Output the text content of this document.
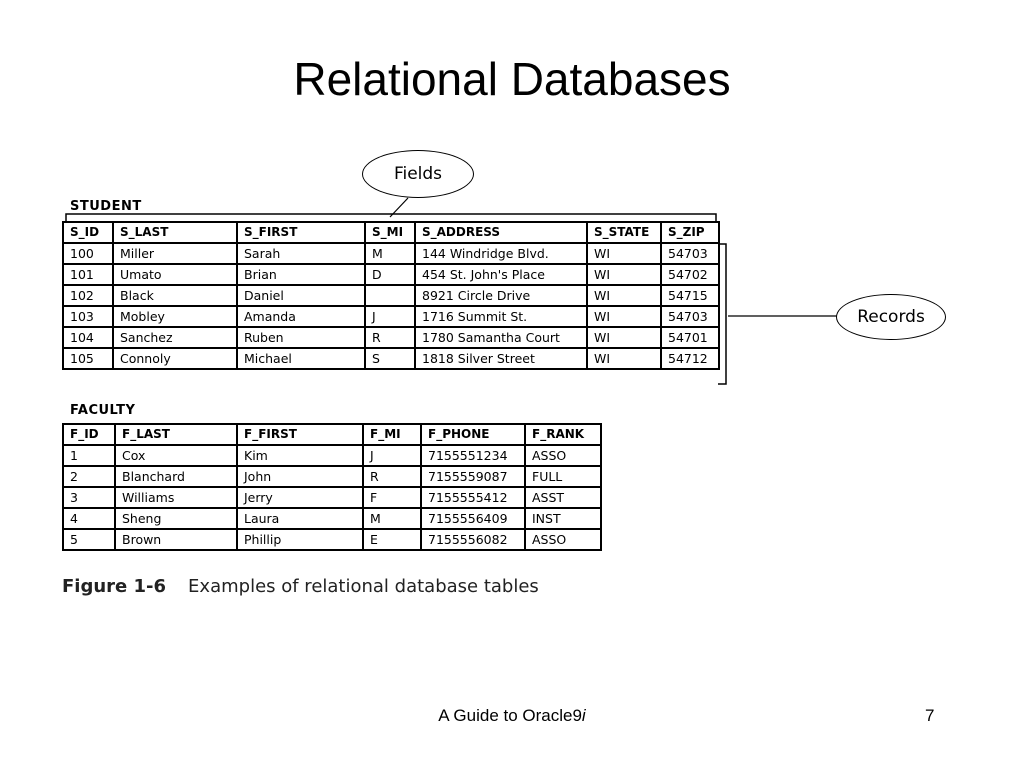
Relational Databases
Fields
Records
STUDENT
S_ID	S_LAST	S_FIRST	S_MI	S_ADDRESS	S_STATE	S_ZIP
100	Miller	Sarah	M	144 Windridge Blvd.	WI	54703
101	Umato	Brian	D	454 St. John's Place	WI	54702
102	Black	Daniel		8921 Circle Drive	WI	54715
103	Mobley	Amanda	J	1716 Summit St.	WI	54703
104	Sanchez	Ruben	R	1780 Samantha Court	WI	54701
105	Connoly	Michael	S	1818 Silver Street	WI	54712
FACULTY
F_ID	F_LAST	F_FIRST	F_MI	F_PHONE	F_RANK
1	Cox	Kim	J	7155551234	ASSO
2	Blanchard	John	R	7155559087	FULL
3	Williams	Jerry	F	7155555412	ASST
4	Sheng	Laura	M	7155556409	INST
5	Brown	Phillip	E	7155556082	ASSO
Figure 1-6 Examples of relational database tables
A Guide to Oracle9i	7
